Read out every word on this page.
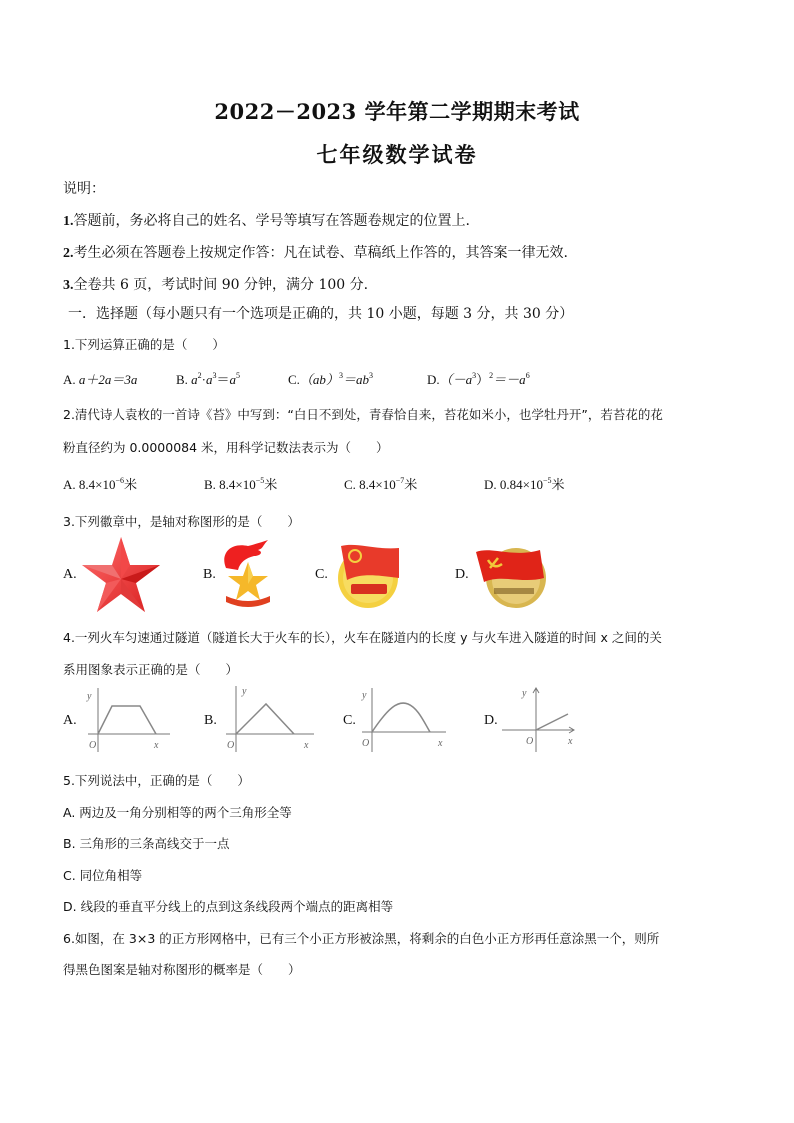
2022－2023 学年第二学期期末考试
七年级数学试卷
说明：
1.答题前，务必将自己的姓名、学号等填写在答题卷规定的位置上.
2.考生必须在答题卷上按规定作答：凡在试卷、草稿纸上作答的，其答案一律无效.
3.全卷共 6 页，考试时间 90 分钟，满分 100 分.
一．选择题（每小题只有一个选项是正确的，共 10 小题，每题 3 分，共 30 分）
1.下列运算正确的是（　　）
A. a＋2a＝3a	B. $a^2\cdot a^3=a^5$	$C.(ab)^3=ab^3$	$D.(-a^3)^2=-a^6$
2.清代诗人袁枚的一首诗《苔》中写到：“白日不到处，青春恰自来，苔花如米小，也学牡丹开”，若苔花的花
粉直径约为 0.0000084 米，用科学记数法表示为（　　）
A. $8.4\times 10^{-6}$米	B. $8.4\times 10^{-5}$米	C. $8.4\times 10^{-7}$米	D. $0.84\times 10^{-5}$米
3.下列徽章中，是轴对称图形的是（　　）
A.	B.	C.	D.
4.一列火车匀速通过隧道（隧道长大于火车的长），火车在隧道内的长度 y 与火车进入隧道的时间 x 之间的关
系用图象表示正确的是（　　）
A.
y
O	x
B.
y
O	x
C.
y
O	x
D.
y
O	x
5.下列说法中，正确的是（　　）
A. 两边及一角分别相等的两个三角形全等
B. 三角形的三条高线交于一点
C. 同位角相等
D. 线段的垂直平分线上的点到这条线段两个端点的距离相等
6.如图，在 3×3 的正方形网格中，已有三个小正方形被涂黑，将剩余的白色小正方形再任意涂黑一个，则所
得黑色图案是轴对称图形的概率是（　　）
